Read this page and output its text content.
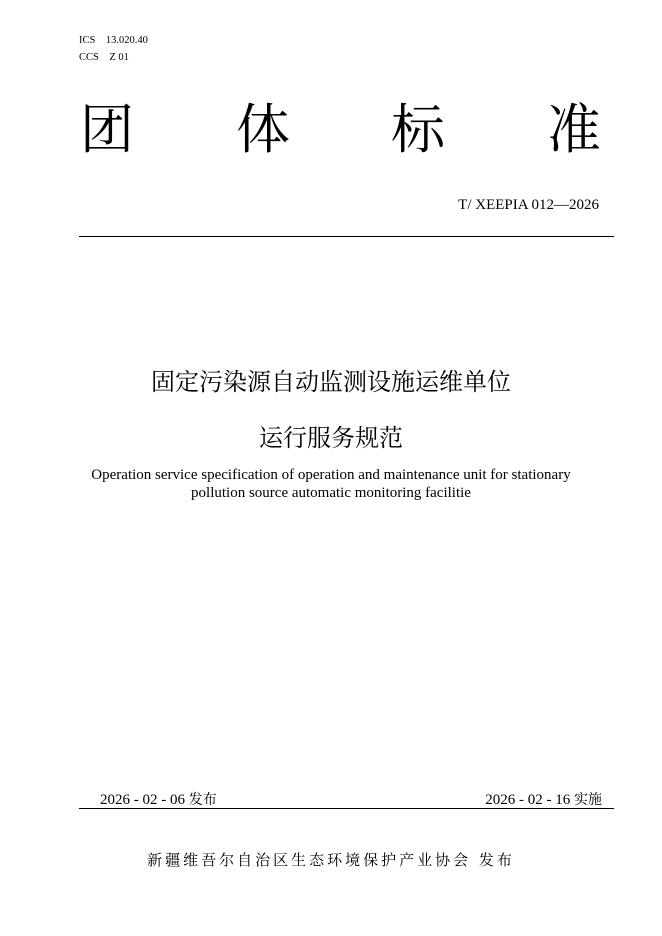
ICS    13.020.40
CCS    Z 01
团 体 标 准
T/ XEEPIA 012—2026
固定污染源自动监测设施运维单位
运行服务规范
Operation service specification of operation and maintenance unit for stationary
pollution source automatic monitoring facilitie
2026 - 02 - 06 发布	2026 - 02 - 16 实施
新疆维吾尔自治区生态环境保护产业协会 发布
